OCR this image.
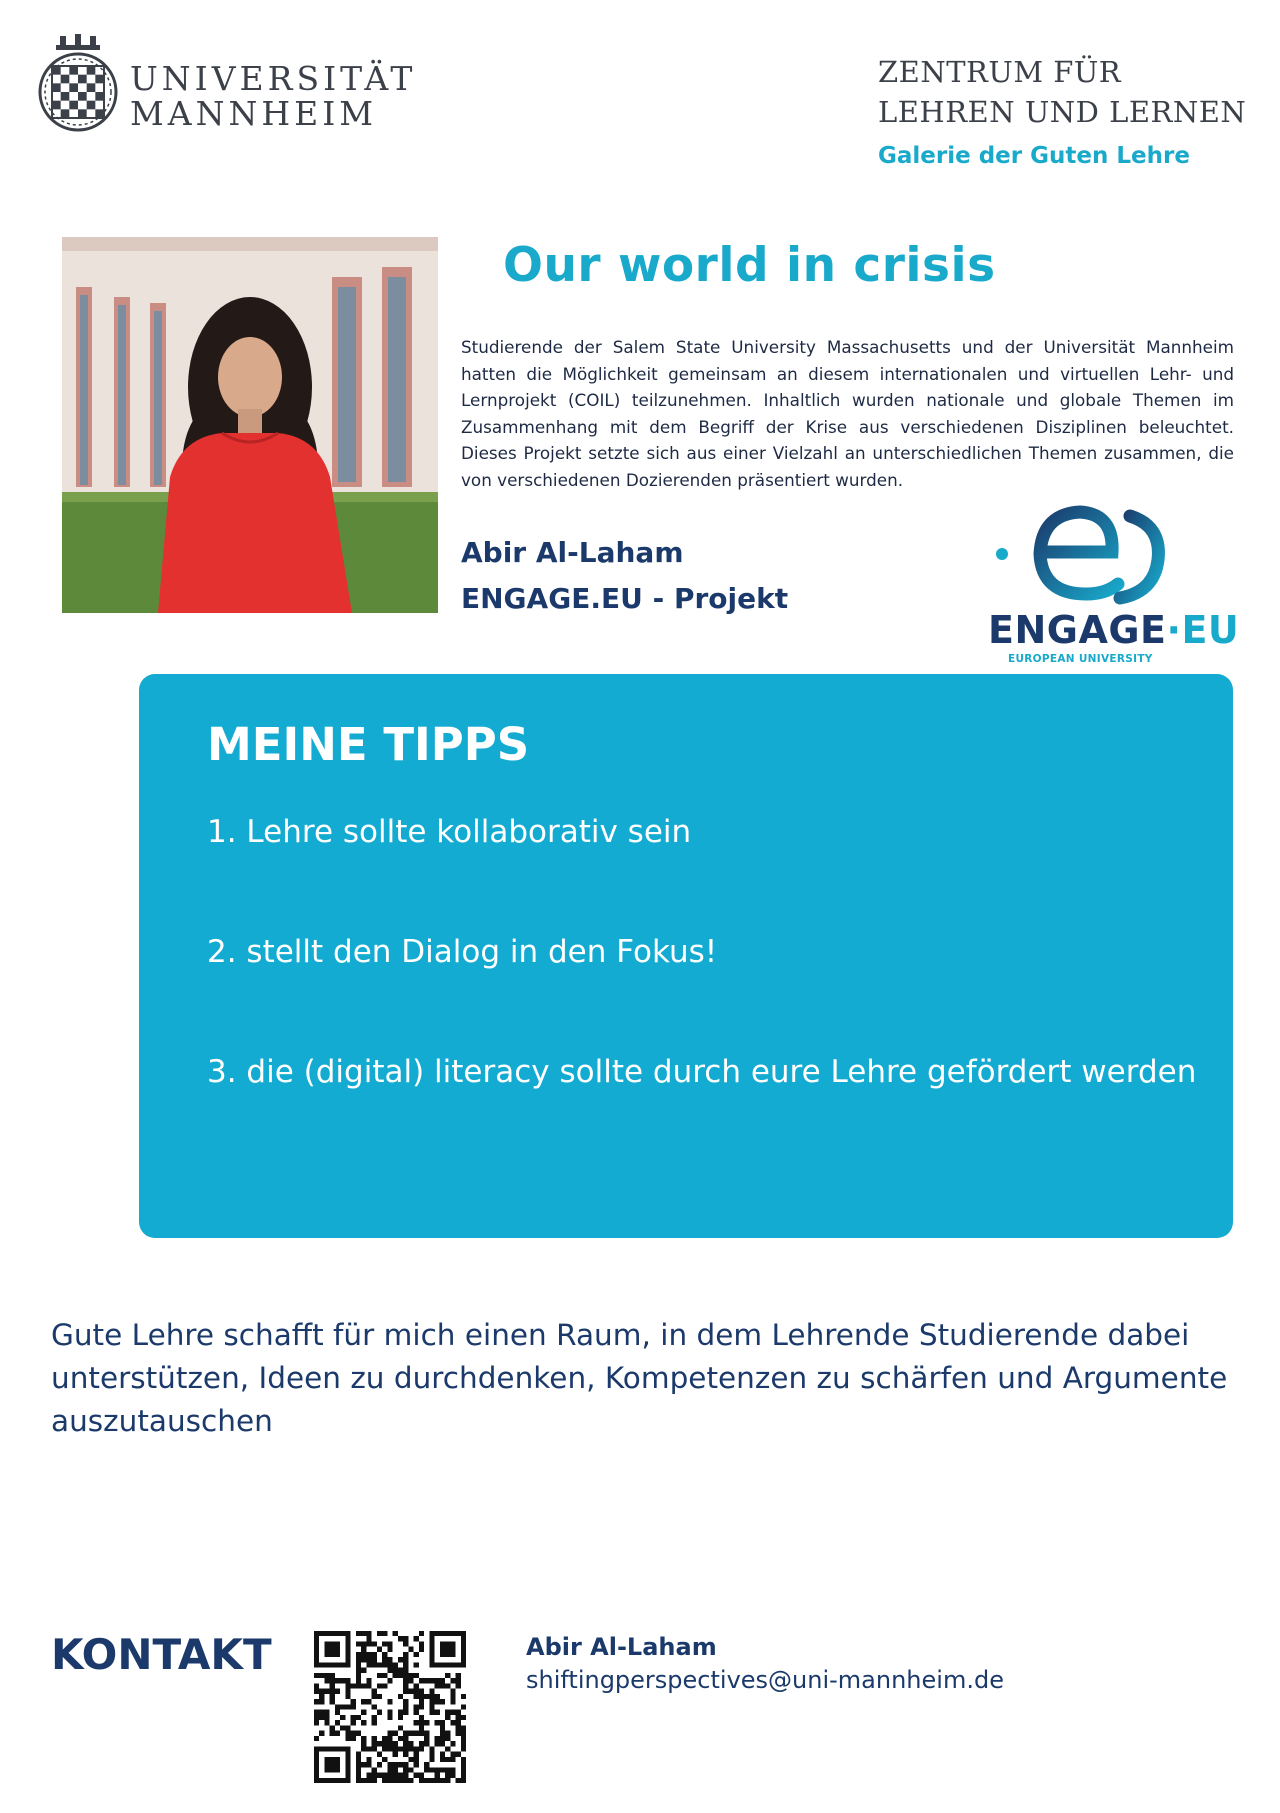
UNIVERSITÄT
MANNHEIM
ZENTRUM FÜR
LEHREN UND LERNEN
Galerie der Guten Lehre
Our world in crisis
Studierende der Salem State University Massachusetts und der Universität Mannheim hatten die Möglichkeit gemeinsam an diesem internationalen und virtuellen Lehr- und Lernprojekt (COIL) teilzunehmen. Inhaltlich wurden nationale und globale Themen im Zusammenhang mit dem Begriff der Krise aus verschiedenen Disziplinen beleuchtet. Dieses Projekt setzte sich aus einer Vielzahl an unterschiedlichen Themen zusammen, die von verschiedenen Dozierenden präsentiert wurden.
Abir Al-Laham
ENGAGE.EU - Projekt
ENGAGE·EU
EUROPEAN UNIVERSITY
MEINE TIPPS
1. Lehre sollte kollaborativ sein
2. stellt den Dialog in den Fokus!
3. die (digital) literacy sollte durch eure Lehre gefördert werden
Gute Lehre schafft für mich einen Raum, in dem Lehrende Studierende dabei unterstützen, Ideen zu durchdenken, Kompetenzen zu schärfen und Argumente auszutauschen
KONTAKT	Abir Al-Laham
shiftingperspectives@uni-mannheim.de
